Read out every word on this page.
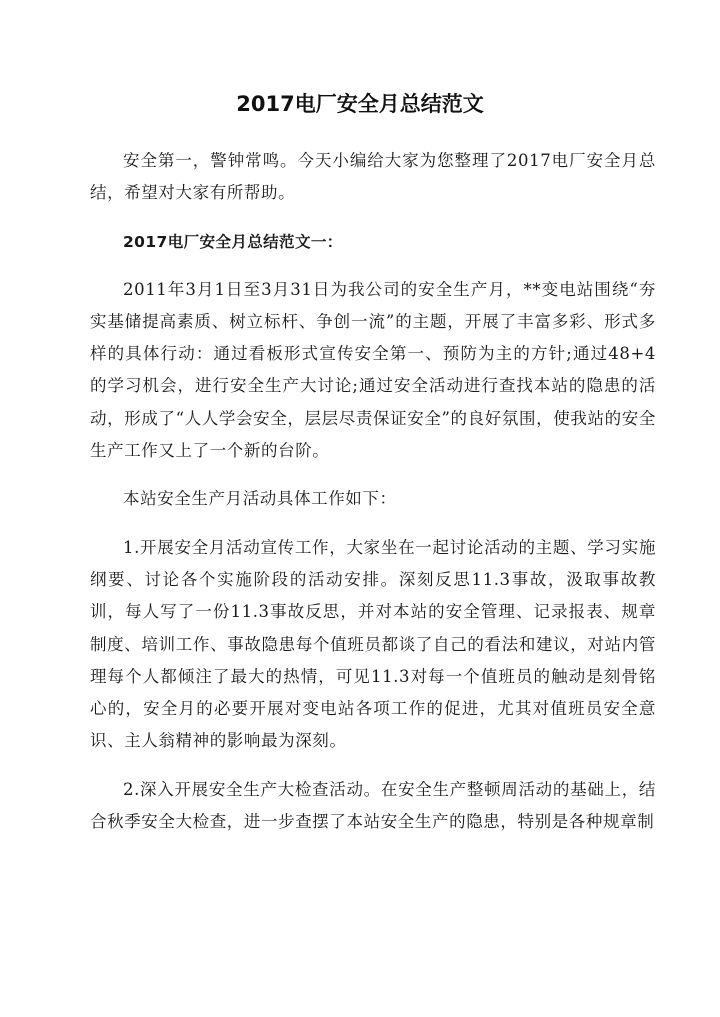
2017电厂安全月总结范文

安全第一，警钟常鸣。今天小编给大家为您整理了2017电厂安全月总结，希望对大家有所帮助。

2017电厂安全月总结范文一：

2011年3月1日至3月31日为我公司的安全生产月，**变电站围绕“夯实基储提高素质、树立标杆、争创一流”的主题，开展了丰富多彩、形式多样的具体行动：通过看板形式宣传安全第一、预防为主的方针;通过48+4的学习机会，进行安全生产大讨论;通过安全活动进行查找本站的隐患的活动，形成了“人人学会安全，层层尽责保证安全”的良好氛围，使我站的安全生产工作又上了一个新的台阶。

本站安全生产月活动具体工作如下：

1.开展安全月活动宣传工作，大家坐在一起讨论活动的主题、学习实施纲要、讨论各个实施阶段的活动安排。深刻反思11.3事故，汲取事故教训，每人写了一份11.3事故反思，并对本站的安全管理、记录报表、规章制度、培训工作、事故隐患每个值班员都谈了自己的看法和建议，对站内管理每个人都倾注了最大的热情，可见11.3对每一个值班员的触动是刻骨铭心的，安全月的必要开展对变电站各项工作的促进，尤其对值班员安全意识、主人翁精神的影响最为深刻。

2.深入开展安全生产大检查活动。在安全生产整顿周活动的基础上，结合秋季安全大检查，进一步查摆了本站安全生产的隐患，特别是各种规章制
